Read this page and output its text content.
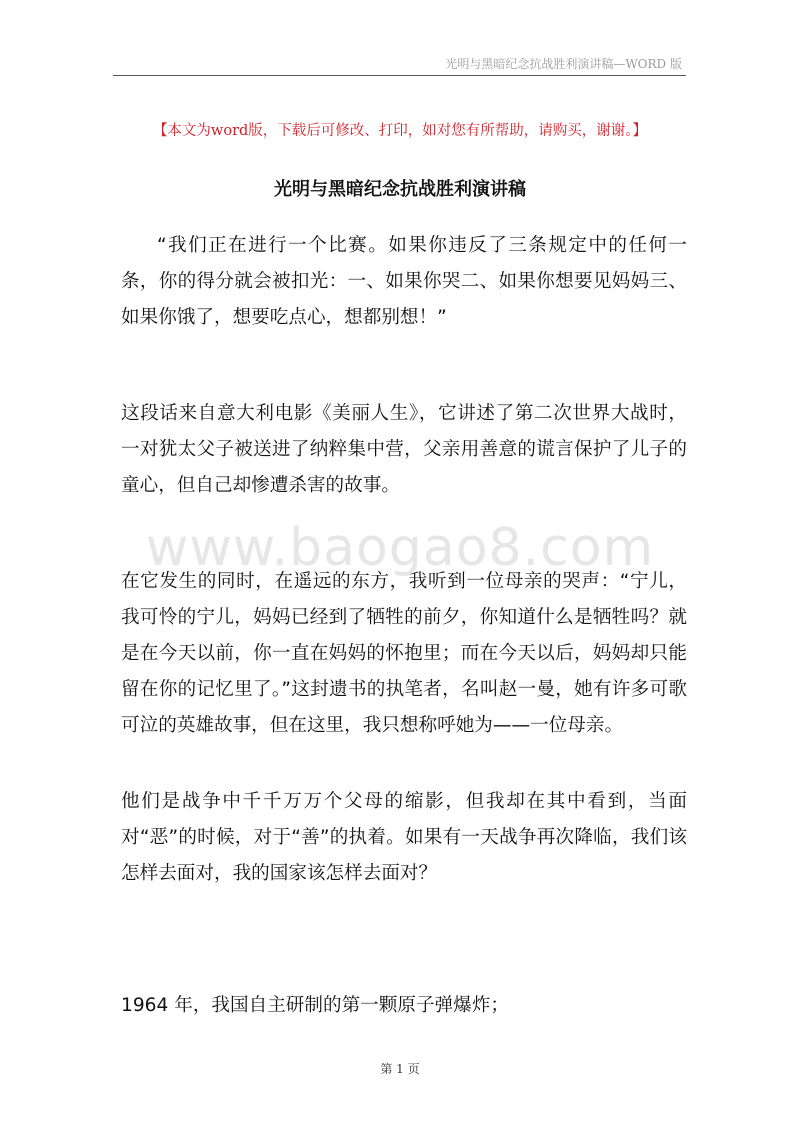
光明与黑暗纪念抗战胜利演讲稿—WORD 版
【本文为word版，下载后可修改、打印，如对您有所帮助，请购买，谢谢。】
光明与黑暗纪念抗战胜利演讲稿

“我们正在进行一个比赛。如果你违反了三条规定中的任何一条，你的得分就会被扣光：一、如果你哭二、如果你想要见妈妈三、如果你饿了，想要吃点心，想都别想！”

这段话来自意大利电影《美丽人生》，它讲述了第二次世界大战时，一对犹太父子被送进了纳粹集中营，父亲用善意的谎言保护了儿子的童心，但自己却惨遭杀害的故事。

www.baogao8.com

在它发生的同时，在遥远的东方，我听到一位母亲的哭声：“宁儿，我可怜的宁儿，妈妈已经到了牺牲的前夕，你知道什么是牺牲吗？就是在今天以前，你一直在妈妈的怀抱里；而在今天以后，妈妈却只能留在你的记忆里了。”这封遗书的执笔者，名叫赵一曼，她有许多可歌可泣的英雄故事，但在这里，我只想称呼她为——一位母亲。

他们是战争中千千万万个父母的缩影，但我却在其中看到，当面对“恶”的时候，对于“善”的执着。如果有一天战争再次降临，我们该怎样去面对，我的国家该怎样去面对？

1964 年，我国自主研制的第一颗原子弹爆炸；

第 1 页
